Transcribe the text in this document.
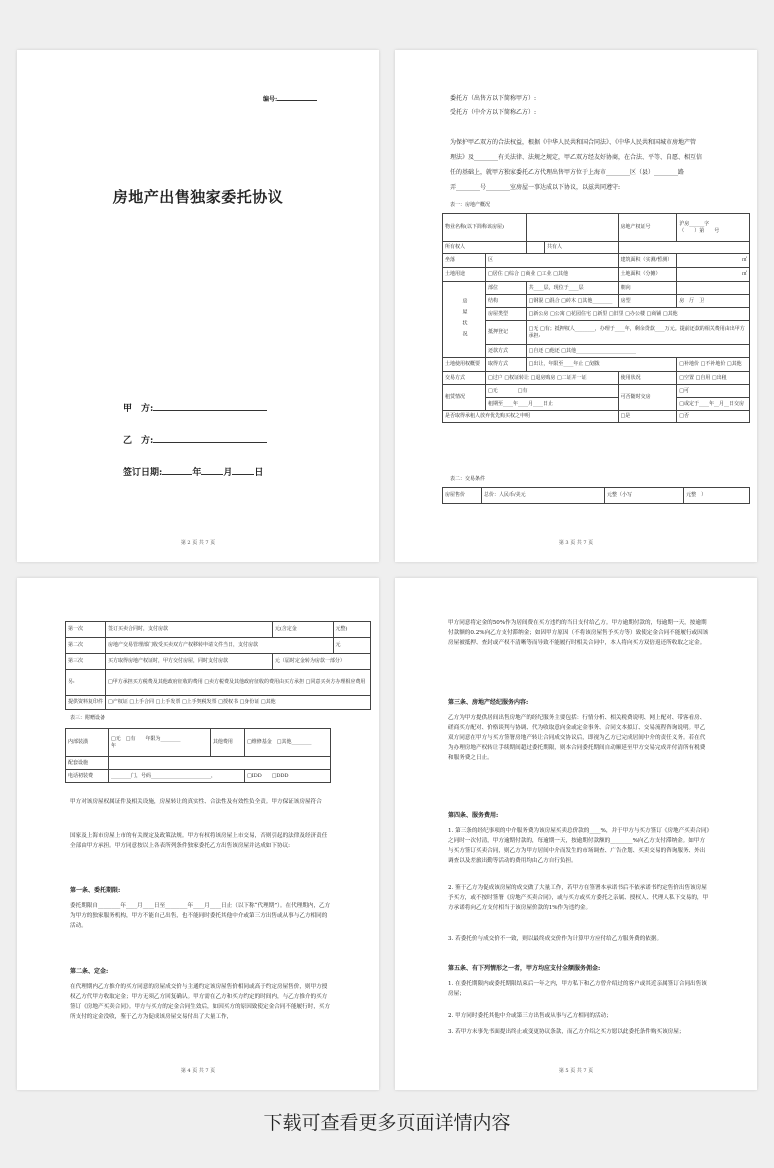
编号:
房地产出售独家委托协议
甲　方:
乙　方:
签订日期:	年 月 日
第 2 页 共 7 页
委托方（出售方以下简称甲方）:
受托方（中介方以下简称乙方）:
为保护甲乙双方的合法权益，根据《中华人民共和国合同法》、《中华人民共和国城市房地产管
理法》及________有关法律、法规之规定，甲乙双方经友好协商，在合法、平等、自愿、相互信
任的基础上，就甲方独家委托乙方代理出售甲方位于上海市________区（县）________路
弄________号________室房屋一事达成以下协议，以兹共同遵守:
表一：房地产概况
物业名称(以下简称该房屋)				房地产权证号	沪房______字
（　　）第　　号

所有权人			共有人		
坐落	区			建筑面积（实测/暂测）	㎡
土地用途	□居住 □综合 □商业 □工业 □其他			土地面积（分摊）	㎡
房屋状况	部位	共____层，现位于____层		朝向	
	结构	□钢混 □混合 □砖木 □其他________		房型	房　厅　卫
	房屋类型	□新公房 □公寓 □花园住宅 □新里 □旧里 □办公楼 □商铺 □其他			
	抵押登记	□无 □有；抵押权人________，办理于____年，剩余贷款____万元。提前还款的相关费用由出甲方承担:			
	还款方式	□自还 □他还 □其他________________________			
土地使用权概要	取得方式	□出让，年限至____年止 □划拨			□补地价 □不补地价 □其他
交易方式	□过户 □权证转让 □退房购房 □二证并一证			使用状况	□空置 □自用 □出租
租赁情况	□无　　　　□有			可否随时交房	□可
	租期至____年____月____日止				□或定于____年__月__日交房
是否取得承租人放弃优先购买权之申明				□是	□否
表二：交易条件
房屋售价	总价：人民币/美元	元整（小写	元整　）
第 3 页 共 7 页
第一次	签订买卖合同时，支付房款	元(含定金	元整)
第二次	房地产交易管理部门收受买卖双方产权移转申请文件当日，支付房款		元
第三次	买方取得房地产权证时，甲方交付房屋，同时支付房款	元（届时定金转为房款一部分）	
另:	□甲方承担买方税费及其他政府征收的费用 □卖方税费及其他政府征收的费用由买方承担 □同意买卖方办理相应费用		
提供资料复印件	□产权证 □上手合同 □上手发票 □上手契税发票 □授权书 □身份证 □其他		
表三：附赠设备
内部装潢	□无　□有　　年限为________
年	其他费用	□维修基金　□其他________
配套设施			
电话初装费	________门，号码________________________，		□IDD　　 □DDD
甲方对该房屋权属证件及相关设施，房屋转让的真实性、合法性及有效性负全责。甲方保证该房屋符合
国家及上海市房屋上市的有关规定及政策法规。甲方有权将该房屋上市交易，否则引起的法律及经济责任全部由甲方承担。甲方同意按以上各表所列条件独家委托乙方出售该房屋并达成如下协议:
第一条、委托期限:
委托期限自________年____月____日至________年____月____日止（以下称“代理期”）。在代理期内，乙方为甲方的独家服务机构，甲方不能自己出售，也不能同时委托其他中介或第三方出售或从事与乙方相同的活动。
第二条、定金:
在代理期内乙方推介的买方同意的房屋成交价与主通约定该房屋售价相同或高于约定房屋售价，则甲方授权乙方代甲方收取定金；甲方无须乙方回复确认。甲方需在乙方和买方约定的时间内，与乙方推介的买方签订《房地产买卖合同》。甲方与买方的定金合同生效后，如因买方的原因致使定金合同不能履行时，买方所支付的定金没收，鉴于乙方为促成该房屋交易付出了大量工作，
第 4 页 共 7 页
甲方同意将定金的50%作为居间费在买方违约的当日支付给乙方。甲方逾期付款的，每逾期一天，按逾期付款额的0.2%向乙方支付滞纳金；如因甲方原因（不将该房屋售予买方等）致使定金合同不能履行或因该房屋被抵押、查封或产权不清晰等而导致不能履行时相关合同中，本人将向买方双倍返还所收取之定金。
第三条、房地产经纪服务内容:
乙方为甲方提供居间出售房地产的经纪服务主要包括：行情分析、相关税费说明、网上配对、带客看房、磋商买方配对、价格谈判与协调、代为收取意向金或定金事务、合同文本拟订、交易流程咨询说明。甲乙双方同意在甲方与买方签署房地产转让合同成交协议后，即视为乙方已完成居间中介的责任义务。若在代为办理房地产权转让手续期间超过委托期限，则本合同委托期间自动顺延至甲方交易完成并付清所有税费和服务费之日止。
第四条、服务费用:
1. 第三条的经纪事项的中介服务费为该房屋买卖总价款的____%，并于甲方与买方签订《房地产买卖合同》之同时一次付清，甲方逾期付款的，每逾期一天，按逾期付款额的________%向乙方支付滞纳金。如甲方与买方签订买卖合同，则乙方为甲方居间中介而发生的市场调查、广告企划、买卖交易的咨询服务、外出调查以及差旅出勤等活动的费用均由乙方自行负担。
2. 鉴于乙方为促成该房屋的成交做了大量工作，若甲方在签署本承诺书后不依承诺书约定售价出售该房屋予买方，或不按时签署《房地产买卖合同》，或与买方或买方委托之亲属、授权人、代理人私下交易的，甲方承诺将向乙方支付相当于该房屋价款的1%作为违约金。
3. 若委托价与成交价不一致，则以最终成交价作为计算甲方应付给乙方服务费的依据。
第五条、有下列情形之一者，甲方均应支付全额服务佣金:
1. 在委托期限内或委托期限结束后一年之内，甲方私下和乙方曾介绍过的客户或其近亲属签订合同出售该房屋；
2. 甲方同时委托其他中介或第三方出售或从事与乙方相同的活动；
3. 若甲方未事先书面提出终止或变更协议条款，而乙方介绍之买方愿以此委托条件购买该房屋；
第 5 页 共 7 页
下载可查看更多页面详情内容
